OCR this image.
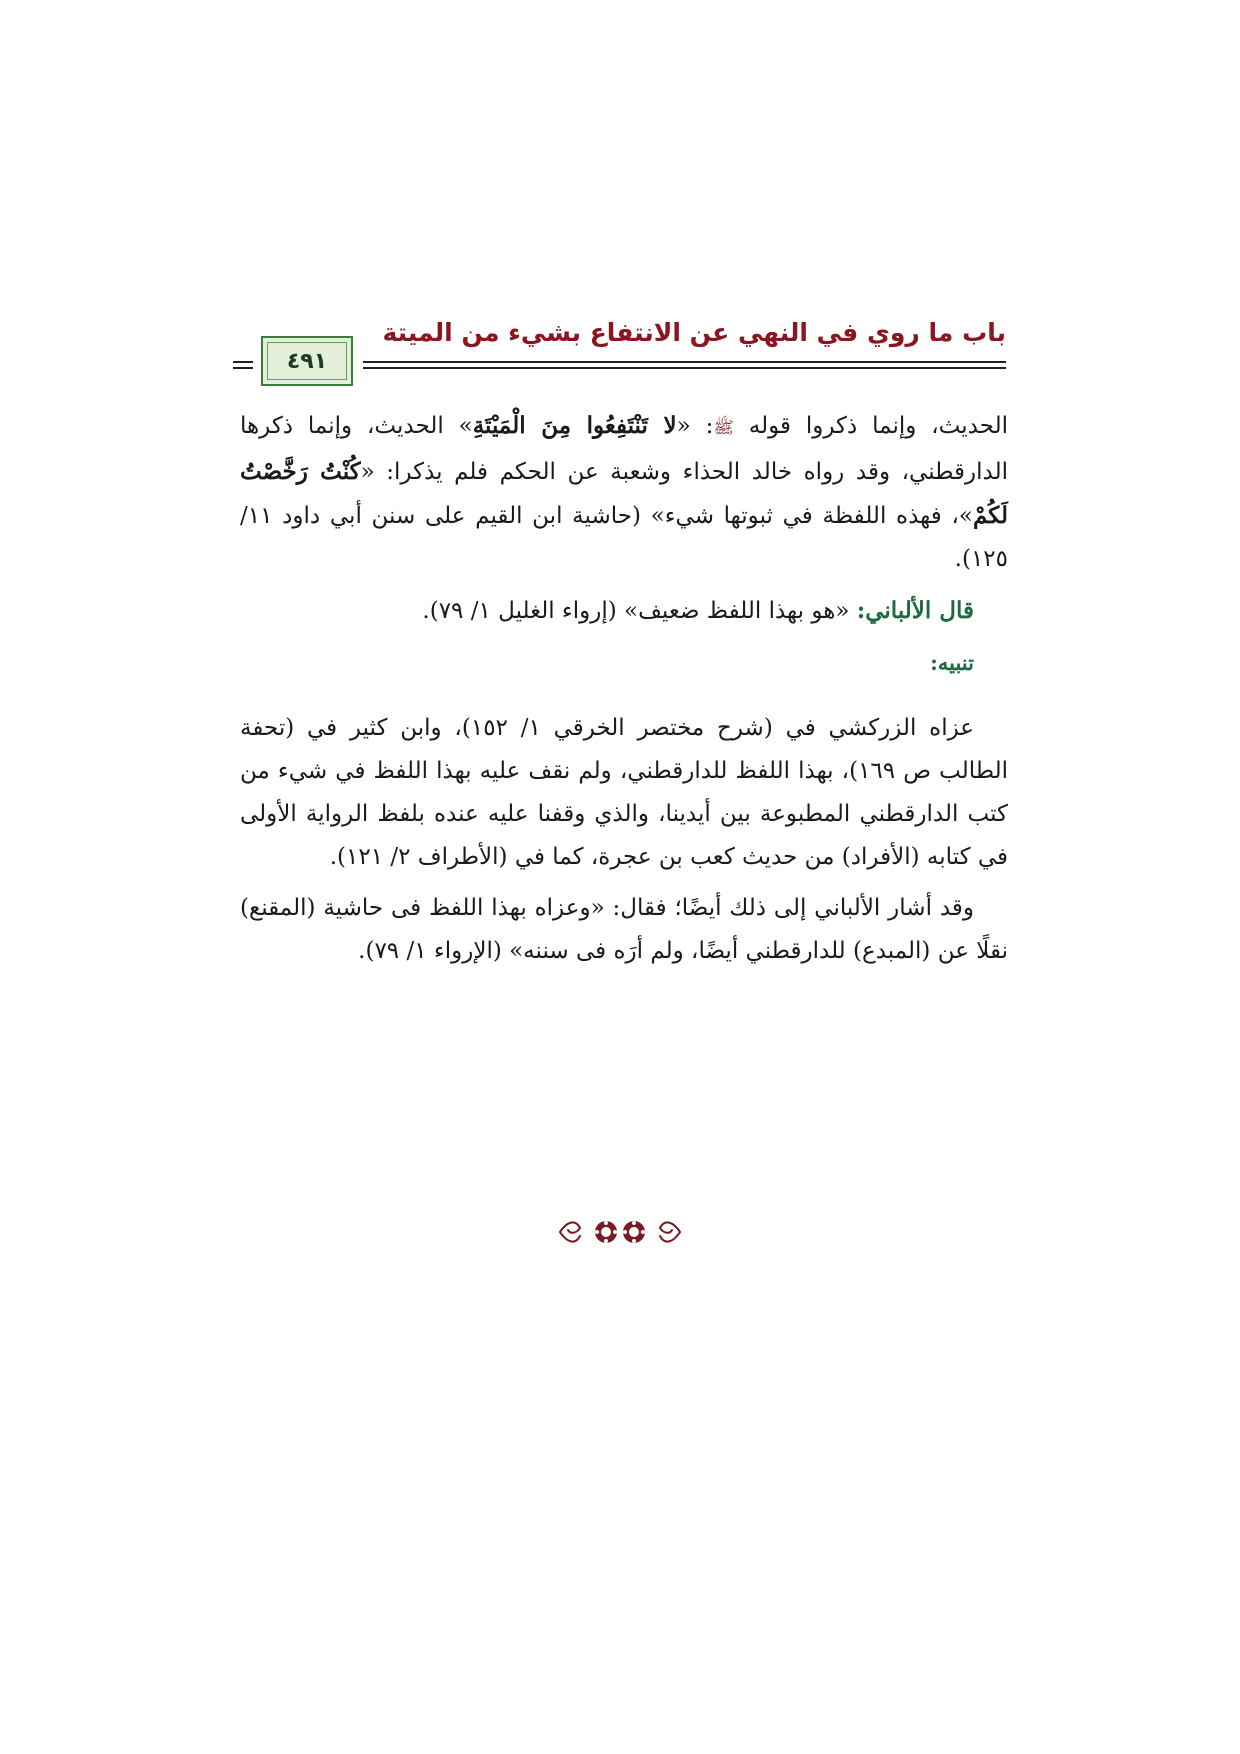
باب ما روي في النهي عن الانتفاع بشيء من الميتة
٤٩١

الحديث، وإنما ذكروا قوله ﷺ: «لا تَنْتَفِعُوا مِنَ الْمَيْتَةِ» الحديث، وإنما ذكرها الدارقطني، وقد رواه خالد الحذاء وشعبة عن الحكم فلم يذكرا: «كُنْتُ رَخَّصْتُ لَكُمْ»، فهذه اللفظة في ثبوتها شيء» (حاشية ابن القيم على سنن أبي داود ١١/ ١٢٥).

قال الألباني: «هو بهذا اللفظ ضعيف» (إرواء الغليل ١/ ٧٩).

تنبيه:

عزاه الزركشي في (شرح مختصر الخرقي ١/ ١٥٢)، وابن كثير في (تحفة الطالب ص ١٦٩)، بهذا اللفظ للدارقطني، ولم نقف عليه بهذا اللفظ في شيء من كتب الدارقطني المطبوعة بين أيدينا، والذي وقفنا عليه عنده بلفظ الرواية الأولى في كتابه (الأفراد) من حديث كعب بن عجرة، كما في (الأطراف ٢/ ١٢١).

وقد أشار الألباني إلى ذلك أيضًا؛ فقال: «وعزاه بهذا اللفظ فى حاشية (المقنع) نقلًا عن (المبدع) للدارقطني أيضًا، ولم أرَه فى سننه» (الإرواء ١/ ٧٩).
